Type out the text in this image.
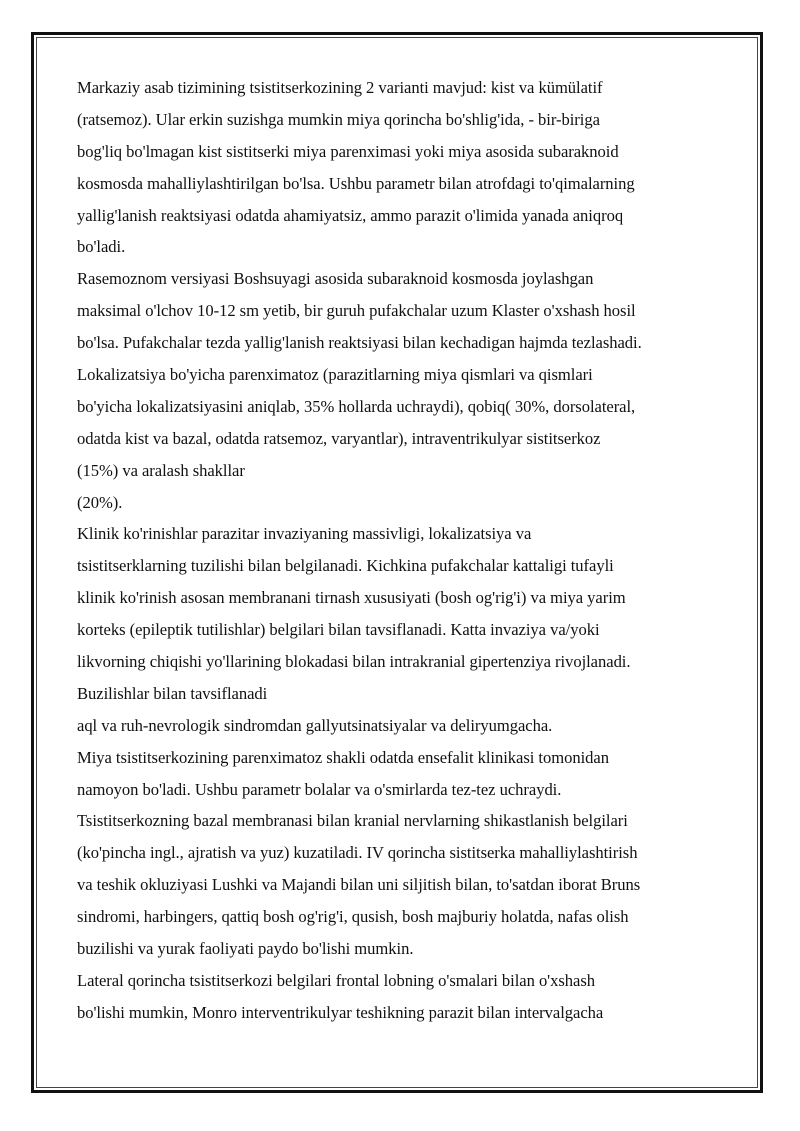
Markaziy asab tizimining tsistitserkozining 2 varianti mavjud: kist va kümülatif
(ratsemoz). Ular erkin suzishga mumkin miya qorincha bo'shlig'ida, - bir-biriga
bog'liq bo'lmagan kist sistitserki miya parenximasi yoki miya asosida subaraknoid
kosmosda mahalliylashtirilgan bo'lsa. Ushbu parametr bilan atrofdagi to'qimalarning
yallig'lanish reaktsiyasi odatda ahamiyatsiz, ammo parazit o'limida yanada aniqroq
bo'ladi.
Rasemoznom versiyasi Boshsuyagi asosida subaraknoid kosmosda joylashgan
maksimal o'lchov 10-12 sm yetib, bir guruh pufakchalar uzum Klaster o'xshash hosil
bo'lsa. Pufakchalar tezda yallig'lanish reaktsiyasi bilan kechadigan hajmda tezlashadi.
Lokalizatsiya bo'yicha parenximatoz (parazitlarning miya qismlari va qismlari
bo'yicha lokalizatsiyasini aniqlab, 35% hollarda uchraydi), qobiq( 30%, dorsolateral,
odatda kist va bazal, odatda ratsemoz, varyantlar), intraventrikulyar sistitserkoz
(15%) va aralash shakllar
(20%).
Klinik ko'rinishlar parazitar invaziyaning massivligi, lokalizatsiya va
tsistitserklarning tuzilishi bilan belgilanadi. Kichkina pufakchalar kattaligi tufayli
klinik ko'rinish asosan membranani tirnash xususiyati (bosh og'rig'i) va miya yarim
korteks (epileptik tutilishlar) belgilari bilan tavsiflanadi. Katta invaziya va/yoki
likvorning chiqishi yo'llarining blokadasi bilan intrakranial gipertenziya rivojlanadi.
Buzilishlar bilan tavsiflanadi
aql va ruh-nevrologik sindromdan gallyutsinatsiyalar va deliryumgacha.
Miya tsistitserkozining parenximatoz shakli odatda ensefalit klinikasi tomonidan
namoyon bo'ladi. Ushbu parametr bolalar va o'smirlarda tez-tez uchraydi.
Tsistitserkozning bazal membranasi bilan kranial nervlarning shikastlanish belgilari
(ko'pincha ingl., ajratish va yuz) kuzatiladi. IV qorincha sistitserka mahalliylashtirish
va teshik okluziyasi Lushki va Majandi bilan uni siljitish bilan, to'satdan iborat Bruns
sindromi, harbingers, qattiq bosh og'rig'i, qusish, bosh majburiy holatda, nafas olish
buzilishi va yurak faoliyati paydo bo'lishi mumkin.
Lateral qorincha tsistitserkozi belgilari frontal lobning o'smalari bilan o'xshash
bo'lishi mumkin, Monro interventrikulyar teshikning parazit bilan intervalgacha
